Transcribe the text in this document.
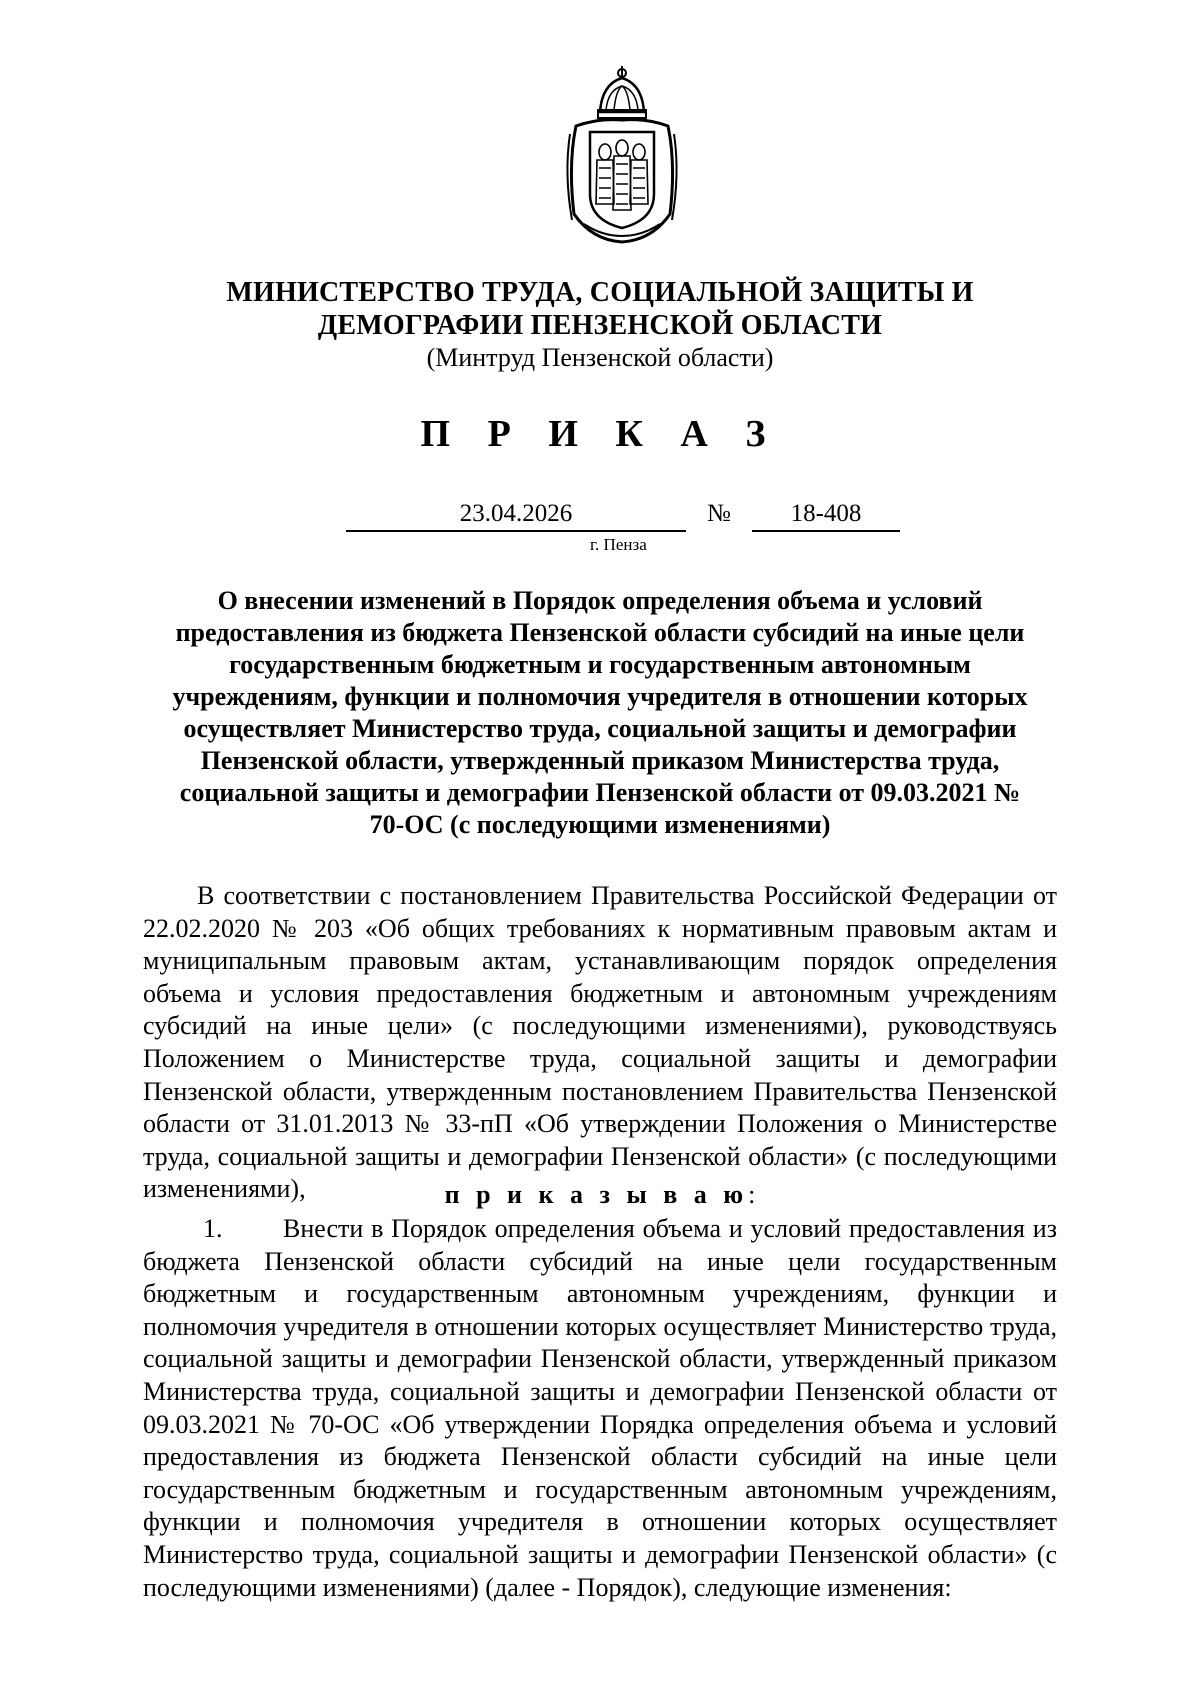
МИНИСТЕРСТВО ТРУДА, СОЦИАЛЬНОЙ ЗАЩИТЫ И
ДЕМОГРАФИИ ПЕНЗЕНСКОЙ ОБЛАСТИ
(Минтруд Пензенской области)
П Р И К А З
23.04.2026	№	18-408
г. Пенза
О внесении изменений в Порядок определения объема и условий предоставления из бюджета Пензенской области субсидий на иные цели государственным бюджетным и государственным автономным учреждениям, функции и полномочия учредителя в отношении которых осуществляет Министерство труда, социальной защиты и демографии Пензенской области, утвержденный приказом Министерства труда, социальной защиты и демографии Пензенской области от 09.03.2021 № 70-ОС (с последующими изменениями)

В соответствии с постановлением Правительства Российской Федерации от 22.02.2020 № 203 «Об общих требованиях к нормативным правовым актам и муниципальным правовым актам, устанавливающим порядок определения объема и условия предоставления бюджетным и автономным учреждениям субсидий на иные цели» (с последующими изменениями), руководствуясь Положением о Министерстве труда, социальной защиты и демографии Пензенской области, утвержденным постановлением Правительства Пензенской области от 31.01.2013 № 33-пП «Об утверждении Положения о Министерстве труда, социальной защиты и демографии Пензенской области» (с последующими изменениями),	п р и к а з ы в а ю:

1. Внести в Порядок определения объема и условий предоставления из бюджета Пензенской области субсидий на иные цели государственным бюджетным и государственным автономным учреждениям, функции и полномочия учредителя в отношении которых осуществляет Министерство труда, социальной защиты и демографии Пензенской области, утвержденный приказом Министерства труда, социальной защиты и демографии Пензенской области от 09.03.2021 № 70-ОС «Об утверждении Порядка определения объема и условий предоставления из бюджета Пензенской области субсидий на иные цели государственным бюджетным и государственным автономным учреждениям, функции и полномочия учредителя в отношении которых осуществляет Министерство труда, социальной защиты и демографии Пензенской области» (с последующими изменениями) (далее - Порядок), следующие изменения:
